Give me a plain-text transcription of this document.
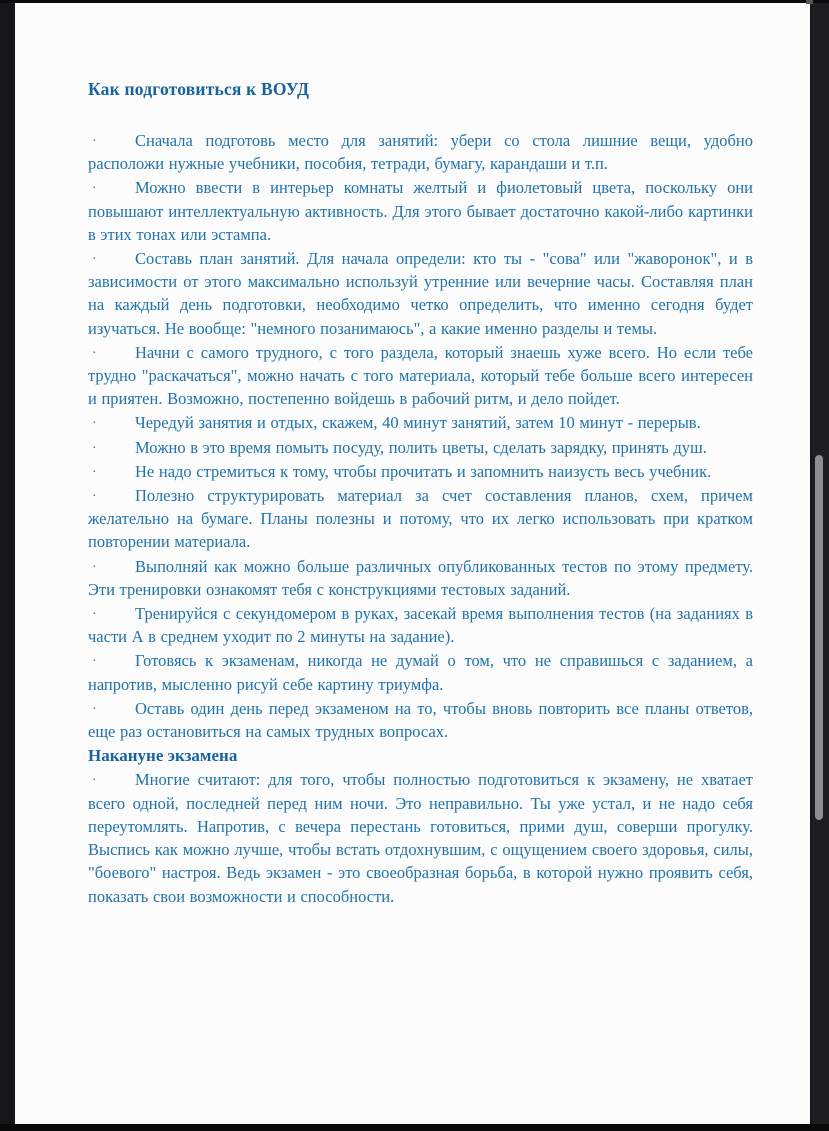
Как подготовиться к ВОУД

· Сначала подготовь место для занятий: убери со стола лишние вещи, удобно расположи нужные учебники, пособия, тетради, бумагу, карандаши и т.п.

· Можно ввести в интерьер комнаты желтый и фиолетовый цвета, поскольку они повышают интеллектуальную активность. Для этого бывает достаточно какой-либо картинки в этих тонах или эстампа.

· Составь план занятий. Для начала определи: кто ты - "сова" или "жаворонок", и в зависимости от этого максимально используй утренние или вечерние часы. Составляя план на каждый день подготовки, необходимо четко определить, что именно сегодня будет изучаться. Не вообще: "немного позанимаюсь", а какие именно разделы и темы.

· Начни с самого трудного, с того раздела, который знаешь хуже всего. Но если тебе трудно "раскачаться", можно начать с того материала, который тебе больше всего интересен и приятен. Возможно, постепенно войдешь в рабочий ритм, и дело пойдет.

· Чередуй занятия и отдых, скажем, 40 минут занятий, затем 10 минут - перерыв.

· Можно в это время помыть посуду, полить цветы, сделать зарядку, принять душ.

· Не надо стремиться к тому, чтобы прочитать и запомнить наизусть весь учебник.

· Полезно структурировать материал за счет составления планов, схем, причем желательно на бумаге. Планы полезны и потому, что их легко использовать при кратком повторении материала.

· Выполняй как можно больше различных опубликованных тестов по этому предмету. Эти тренировки ознакомят тебя с конструкциями тестовых заданий.

· Тренируйся с секундомером в руках, засекай время выполнения тестов (на заданиях в части А в среднем уходит по 2 минуты на задание).

· Готовясь к экзаменам, никогда не думай о том, что не справишься с заданием, а напротив, мысленно рисуй себе картину триумфа.

· Оставь один день перед экзаменом на то, чтобы вновь повторить все планы ответов, еще раз остановиться на самых трудных вопросах.

Накануне экзамена

· Многие считают: для того, чтобы полностью подготовиться к экзамену, не хватает всего одной, последней перед ним ночи. Это неправильно. Ты уже устал, и не надо себя переутомлять. Напротив, с вечера перестань готовиться, прими душ, соверши прогулку. Выспись как можно лучше, чтобы встать отдохнувшим, с ощущением своего здоровья, силы, "боевого" настроя. Ведь экзамен - это своеобразная борьба, в которой нужно проявить себя, показать свои возможности и способности.
